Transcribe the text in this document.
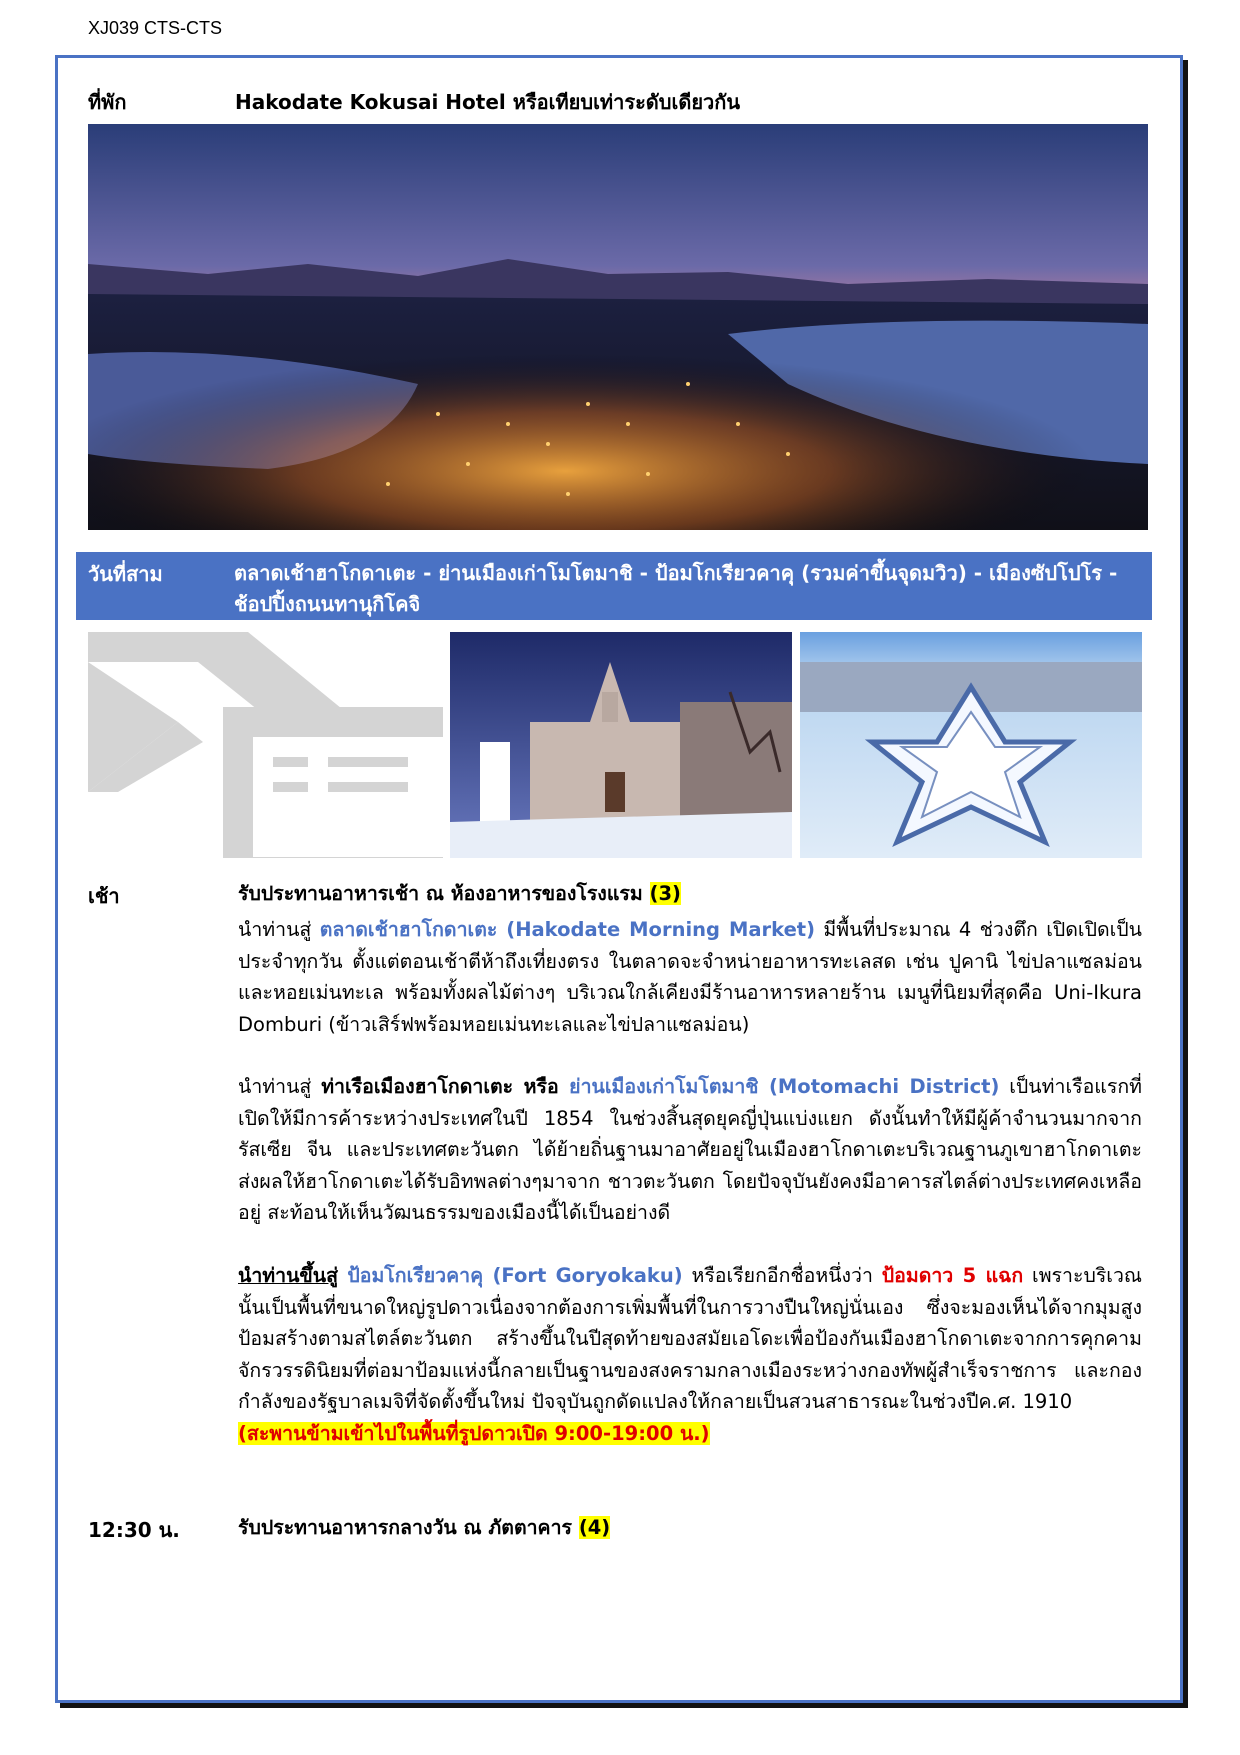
XJ039 CTS-CTS
ที่พัก	Hakodate Kokusai Hotel หรือเทียบเท่าระดับเดียวกัน
วันที่สาม	ตลาดเช้าฮาโกดาเตะ - ย่านเมืองเก่าโมโตมาชิ - ป้อมโกเรียวคาคุ (รวมค่าขึ้นจุดมวิว) - เมืองซัปโปโร - ช้อปปิ้งถนนทานุกิโคจิ
เช้า	รับประทานอาหารเช้า ณ ห้องอาหารของโรงแรม (3)
นำท่านสู่ ตลาดเช้าฮาโกดาเตะ (Hakodate Morning Market) มีพื้นที่ประมาณ 4 ช่วงตึก เปิดเปิดเป็นประจำทุกวัน ตั้งแต่ตอนเช้าตีห้าถึงเที่ยงตรง ในตลาดจะจำหน่ายอาหารทะเลสด เช่น ปูคานิ ไข่ปลาแซลม่อน และหอยเม่นทะเล พร้อมทั้งผลไม้ต่างๆ บริเวณใกล้เคียงมีร้านอาหารหลายร้าน เมนูที่นิยมที่สุดคือ Uni-Ikura Domburi (ข้าวเสิร์ฟพร้อมหอยเม่นทะเลและไข่ปลาแซลม่อน)
นำท่านสู่ ท่าเรือเมืองฮาโกดาเตะ หรือ ย่านเมืองเก่าโมโตมาชิ (Motomachi District) เป็นท่าเรือแรกที่เปิดให้มีการค้าระหว่างประเทศในปี 1854 ในช่วงสิ้นสุดยุคญี่ปุ่นแบ่งแยก ดังนั้นทำให้มีผู้ค้าจำนวนมากจากรัสเซีย จีน และประเทศตะวันตก ได้ย้ายถิ่นฐานมาอาศัยอยู่ในเมืองฮาโกดาเตะบริเวณฐานภูเขาฮาโกดาเตะ ส่งผลให้ฮาโกดาเตะได้รับอิทพลต่างๆมาจาก ชาวตะวันตก โดยปัจจุบันยังคงมีอาคารสไตล์ต่างประเทศคงเหลืออยู่ สะท้อนให้เห็นวัฒนธรรมของเมืองนี้ได้เป็นอย่างดี
นำท่านขึ้นสู่ ป้อมโกเรียวคาคุ (Fort Goryokaku) หรือเรียกอีกชื่อหนึ่งว่า ป้อมดาว 5 แฉก เพราะบริเวณนั้นเป็นพื้นที่ขนาดใหญ่รูปดาวเนื่องจากต้องการเพิ่มพื้นที่ในการวางปืนใหญ่นั่นเอง ซึ่งจะมองเห็นได้จากมุมสูง ป้อมสร้างตามสไตล์ตะวันตก สร้างขึ้นในปีสุดท้ายของสมัยเอโดะเพื่อป้องกันเมืองฮาโกดาเตะจากการคุกคามจักรวรรดินิยมที่ต่อมาป้อมแห่งนี้กลายเป็นฐานของสงครามกลางเมืองระหว่างกองทัพผู้สำเร็จราชการ และกองกำลังของรัฐบาลเมจิที่จัดตั้งขึ้นใหม่ ปัจจุบันถูกดัดแปลงให้กลายเป็นสวนสาธารณะในช่วงปีค.ศ. 1910
(สะพานข้ามเข้าไปในพื้นที่รูปดาวเปิด 9:00-19:00 น.)
12:30 น.	รับประทานอาหารกลางวัน ณ ภัตตาคาร (4)
